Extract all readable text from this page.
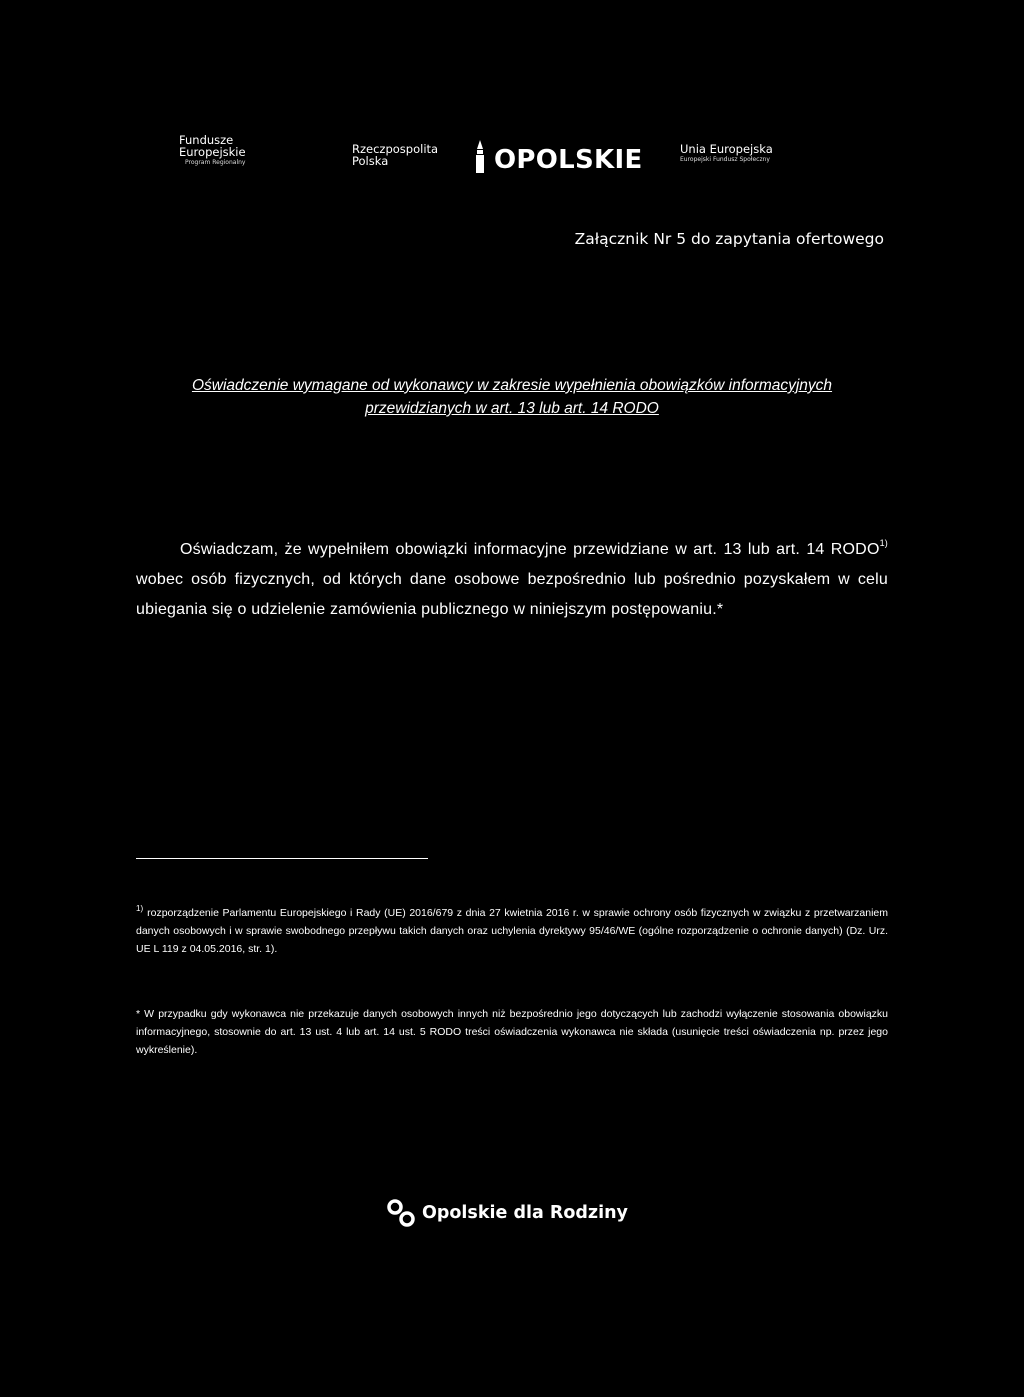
Fundusze
Europejskie
Program Regionalny
Rzeczpospolita
Polska	OPOLSKIE	Unia Europejska
Europejski Fundusz Społeczny
Załącznik Nr 5 do zapytania ofertowego
Oświadczenie wymagane od wykonawcy w zakresie wypełnienia obowiązków informacyjnych
przewidzianych w art. 13 lub art. 14 RODO
Oświadczam, że wypełniłem obowiązki informacyjne przewidziane w art. 13 lub art. 14 RODO$^{1)}$ wobec osób fizycznych, od których dane osobowe bezpośrednio lub pośrednio pozyskałem w celu ubiegania się o udzielenie zamówienia publicznego w niniejszym postępowaniu.*
$^{1)}$ rozporządzenie Parlamentu Europejskiego i Rady (UE) 2016/679 z dnia 27 kwietnia 2016 r. w sprawie ochrony osób fizycznych w związku z przetwarzaniem danych osobowych i w sprawie swobodnego przepływu takich danych oraz uchylenia dyrektywy 95/46/WE (ogólne rozporządzenie o ochronie danych) (Dz. Urz. UE L 119 z 04.05.2016, str. 1).
* W przypadku gdy wykonawca nie przekazuje danych osobowych innych niż bezpośrednio jego dotyczących lub zachodzi wyłączenie stosowania obowiązku informacyjnego, stosownie do art. 13 ust. 4 lub art. 14 ust. 5 RODO treści oświadczenia wykonawca nie składa (usunięcie treści oświadczenia np. przez jego wykreślenie).
Opolskie dla Rodziny
